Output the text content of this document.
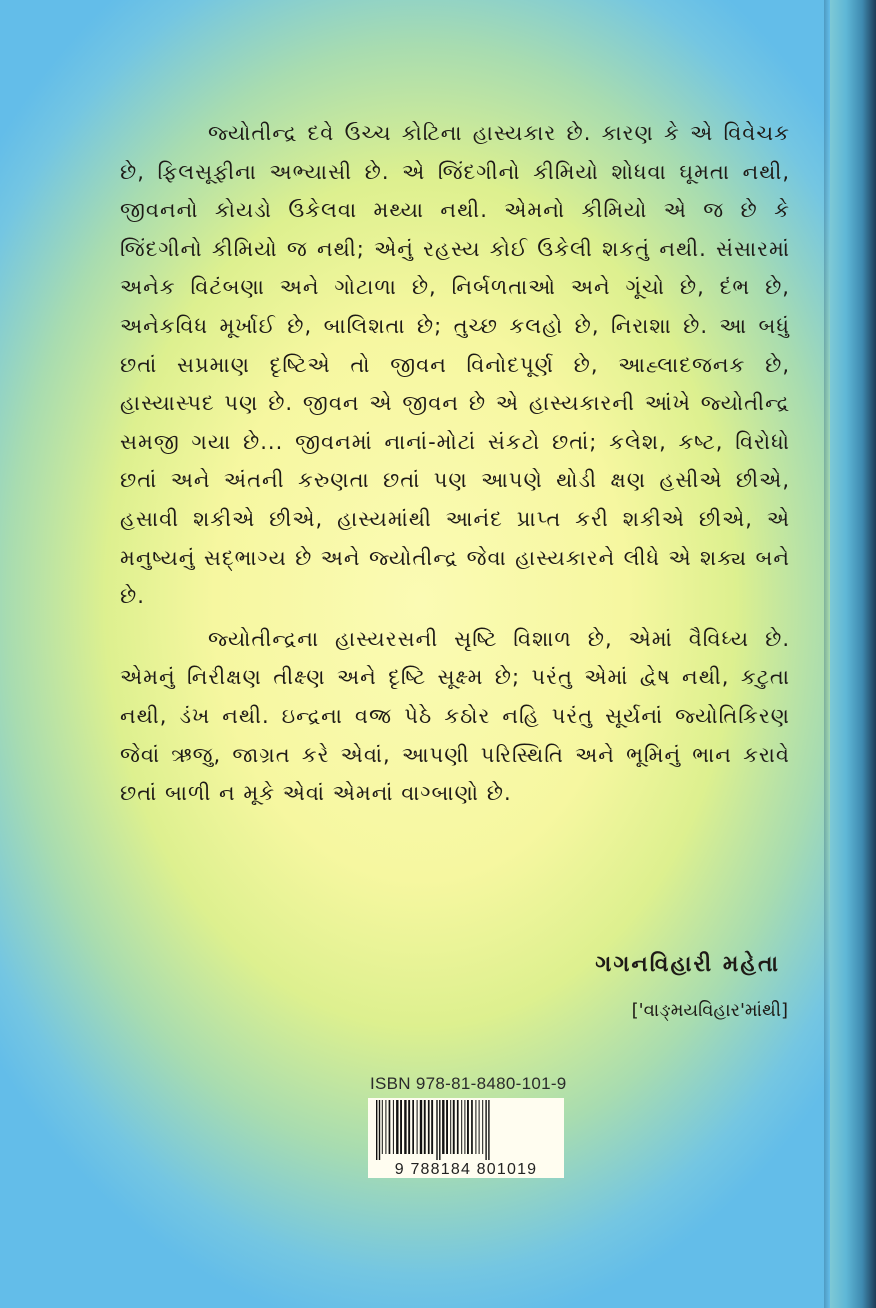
જ્યોતીન્દ્ર દવે ઉચ્ચ કોટિના હાસ્યકાર છે. કારણ કે એ વિવેચક છે, ફિલસૂફીના અભ્યાસી છે. એ જિંદગીનો કીમિયો શોધવા ઘૂમતા નથી, જીવનનો કોયડો ઉકેલવા મથ્યા નથી. એમનો કીમિયો એ જ છે કે જિંદગીનો કીમિયો જ નથી; એનું રહસ્ય કોઈ ઉકેલી શકતું નથી. સંસારમાં અનેક વિટંબણા અને ગોટાળા છે, નિર્બળતાઓ અને ગૂંચો છે, દંભ છે, અનેકવિધ મૂર્ખાઈ છે, બાલિશતા છે; તુચ્છ કલહો છે, નિરાશા છે. આ બધું છતાં સપ્રમાણ દૃષ્ટિએ તો જીવન વિનોદપૂર્ણ છે, આહ્લાદજનક છે, હાસ્યાસ્પદ પણ છે. જીવન એ જીવન છે એ હાસ્યકારની આંખે જ્યોતીન્દ્ર સમજી ગયા છે... જીવનમાં નાનાં-મોટાં સંકટો છતાં; કલેશ, કષ્ટ, વિરોધો છતાં અને અંતની કરુણતા છતાં પણ આપણે થોડી ક્ષણ હસીએ છીએ, હસાવી શકીએ છીએ, હાસ્યમાંથી આનંદ પ્રાપ્ત કરી શકીએ છીએ, એ મનુષ્યનું સદ્ભાગ્ય છે અને જ્યોતીન્દ્ર જેવા હાસ્યકારને લીધે એ શક્ય બને છે.

જ્યોતીન્દ્રના હાસ્યરસની સૃષ્ટિ વિશાળ છે, એમાં વૈવિધ્ય છે. એમનું નિરીક્ષણ તીક્ષ્ણ અને દૃષ્ટિ સૂક્ષ્મ છે; પરંતુ એમાં દ્વેષ નથી, કટુતા નથી, ડંખ નથી. ઇન્દ્રના વજ્ર પેઠે કઠોર નહિ પરંતુ સૂર્યનાં જ્યોતિકિરણ જેવાં ઋજુ, જાગ્રત કરે એવાં, આપણી પરિસ્થિતિ અને ભૂમિનું ભાન કરાવે છતાં બાળી ન મૂકે એવાં એમનાં વાગ્બાણો છે.

ગગનવિહારી મહેતા
['વાઙ્મયવિહાર'માંથી]
ISBN 978-81-8480-101-9
9 788184 801019
